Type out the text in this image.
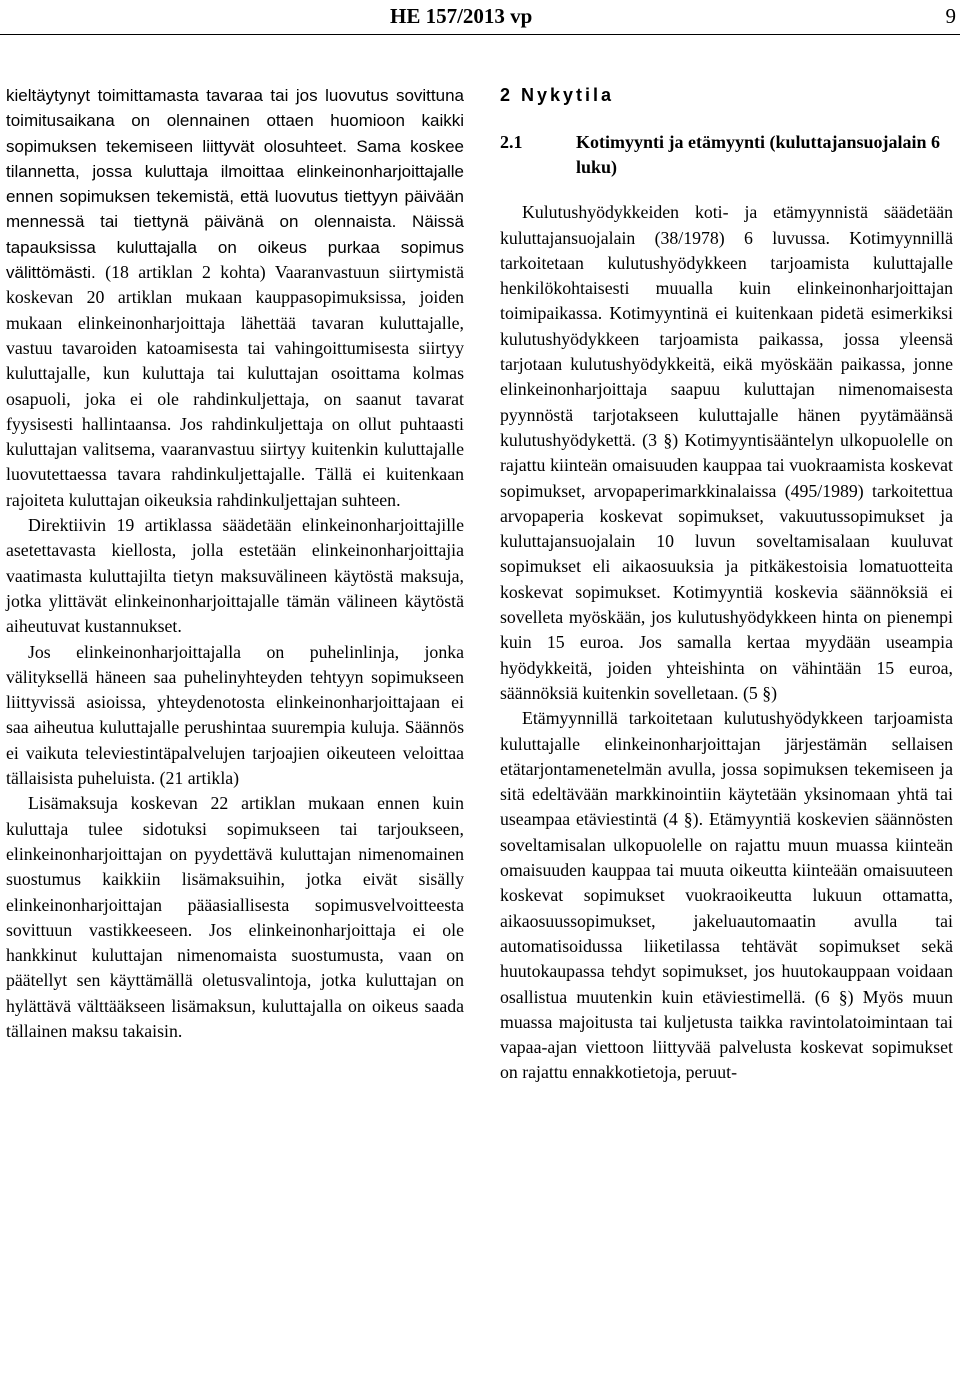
HE 157/2013 vp	9

kieltäytynyt toimittamasta tavaraa tai jos luovutus sovittuna toimitusaikana on olennainen ottaen huomioon kaikki sopimuksen tekemiseen liittyvät olosuhteet. Sama koskee tilannetta, jossa kuluttaja ilmoittaa elinkeinonharjoittajalle ennen sopimuksen tekemistä, että luovutus tiettyyn päivään mennessä tai tiettynä päivänä on olennaista. Näissä tapauksissa kuluttajalla on oikeus purkaa sopimus välittömästi. (18 artiklan 2 kohta) Vaaranvastuun siirtymistä koskevan 20 artiklan mukaan kauppasopimuksissa, joiden mukaan elinkeinonharjoittaja lähettää tavaran kuluttajalle, vastuu tavaroiden katoamisesta tai vahingoittumisesta siirtyy kuluttajalle, kun kuluttaja tai kuluttajan osoittama kolmas osapuoli, joka ei ole rahdinkuljettaja, on saanut tavarat fyysisesti hallintaansa. Jos rahdinkuljettaja on ollut puhtaasti kuluttajan valitsema, vaaranvastuu siirtyy kuitenkin kuluttajalle luovutettaessa tavara rahdinkuljettajalle. Tällä ei kuitenkaan rajoiteta kuluttajan oikeuksia rahdinkuljettajan suhteen.

Direktiivin 19 artiklassa säädetään elinkeinonharjoittajille asetettavasta kiellosta, jolla estetään elinkeinonharjoittajia vaatimasta kuluttajilta tietyn maksuvälineen käytöstä maksuja, jotka ylittävät elinkeinonharjoittajalle tämän välineen käytöstä aiheutuvat kustannukset.

Jos elinkeinonharjoittajalla on puhelinlinja, jonka välityksellä häneen saa puhelinyhteyden tehtyyn sopimukseen liittyvissä asioissa, yhteydenotosta elinkeinonharjoittajaan ei saa aiheutua kuluttajalle perushintaa suurempia kuluja. Säännös ei vaikuta televiestintäpalvelujen tarjoajien oikeuteen veloittaa tällaisista puheluista. (21 artikla)

Lisämaksuja koskevan 22 artiklan mukaan ennen kuin kuluttaja tulee sidotuksi sopimukseen tai tarjoukseen, elinkeinonharjoittajan on pyydettävä kuluttajan nimenomainen suostumus kaikkiin lisämaksuihin, jotka eivät sisälly elinkeinonharjoittajan pääasiallisesta sopimusvelvoitteesta sovittuun vastikkeeseen. Jos elinkeinonharjoittaja ei ole hankkinut kuluttajan nimenomaista suostumusta, vaan on päätellyt sen käyttämällä oletusvalintoja, jotka kuluttajan on hylättävä välttääkseen lisämaksun, kuluttajalla on oikeus saada tällainen maksu takaisin.

2 Nykytila

2.1	Kotimyynti ja etämyynti (kuluttajansuojalain 6 luku)

Kulutushyödykkeiden koti- ja etämyynnistä säädetään kuluttajansuojalain (38/1978) 6 luvussa. Kotimyynnillä tarkoitetaan kulutushyödykkeen tarjoamista kuluttajalle henkilökohtaisesti muualla kuin elinkeinonharjoittajan toimipaikassa. Kotimyyntinä ei kuitenkaan pidetä esimerkiksi kulutushyödykkeen tarjoamista paikassa, jossa yleensä tarjotaan kulutushyödykkeitä, eikä myöskään paikassa, jonne elinkeinonharjoittaja saapuu kuluttajan nimenomaisesta pyynnöstä tarjotakseen kuluttajalle hänen pyytämäänsä kulutushyödykettä. (3 §) Kotimyyntisääntelyn ulkopuolelle on rajattu kiinteän omaisuuden kauppaa tai vuokraamista koskevat sopimukset, arvopaperimarkkinalaissa (495/1989) tarkoitettua arvopaperia koskevat sopimukset, vakuutussopimukset ja kuluttajansuojalain 10 luvun soveltamisalaan kuuluvat sopimukset eli aikaosuuksia ja pitkäkestoisia lomatuotteita koskevat sopimukset. Kotimyyntiä koskevia säännöksiä ei sovelleta myöskään, jos kulutushyödykkeen hinta on pienempi kuin 15 euroa. Jos samalla kertaa myydään useampia hyödykkeitä, joiden yhteishinta on vähintään 15 euroa, säännöksiä kuitenkin sovelletaan. (5 §)

Etämyynnillä tarkoitetaan kulutushyödykkeen tarjoamista kuluttajalle elinkeinonharjoittajan järjestämän sellaisen etätarjontamenetelmän avulla, jossa sopimuksen tekemiseen ja sitä edeltävään markkinointiin käytetään yksinomaan yhtä tai useampaa etäviestintä (4 §). Etämyyntiä koskevien säännösten soveltamisalan ulkopuolelle on rajattu muun muassa kiinteän omaisuuden kauppaa tai muuta oikeutta kiinteään omaisuuteen koskevat sopimukset vuokraoikeutta lukuun ottamatta, aikaosuussopimukset, jakeluautomaatin avulla tai automatisoidussa liiketilassa tehtävät sopimukset sekä huutokaupassa tehdyt sopimukset, jos huutokauppaan voidaan osallistua muutenkin kuin etäviestimellä. (6 §) Myös muun muassa majoitusta tai kuljetusta taikka ravintolatoimintaan tai vapaa-ajan viettoon liittyvää palvelusta koskevat sopimukset on rajattu ennakkotietoja, peruut-
